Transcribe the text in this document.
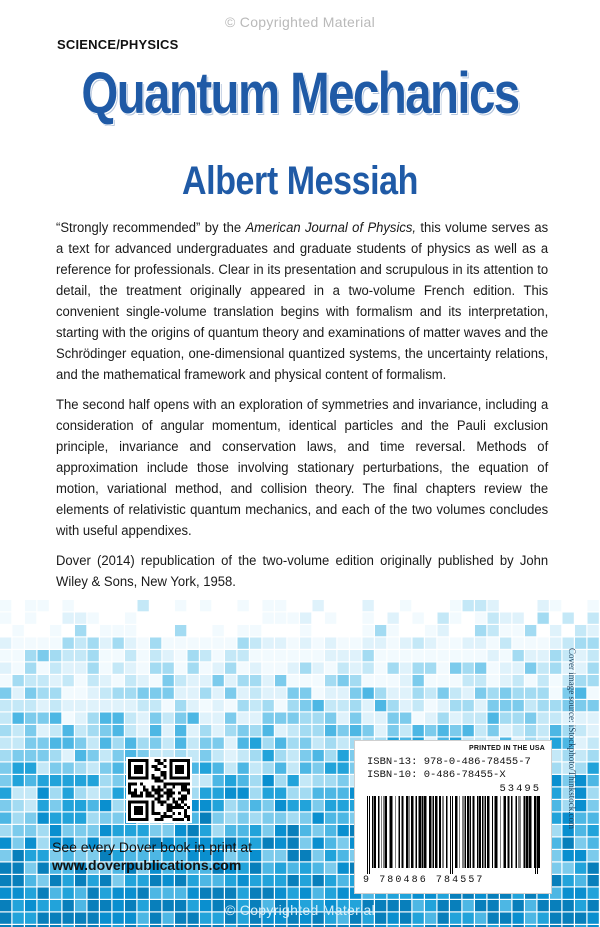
© Copyrighted Material
SCIENCE/PHYSICS
Quantum Mechanics
Albert Messiah

“Strongly recommended” by the American Journal of Physics, this volume serves as a text for advanced undergraduates and graduate students of physics as well as a reference for professionals. Clear in its presentation and scrupulous in its attention to detail, the treatment originally appeared in a two-volume French edition. This convenient single-volume translation begins with formalism and its interpretation, starting with the origins of quantum theory and examinations of matter waves and the Schrödinger equation, one-dimensional quantized systems, the uncertainty relations, and the mathematical framework and physical content of formalism.

The second half opens with an exploration of symmetries and invariance, including a consideration of angular momentum, identical particles and the Pauli exclusion principle, invariance and conservation laws, and time reversal. Methods of approximation include those involving stationary perturbations, the equation of motion, variational method, and collision theory. The final chapters review the elements of relativistic quantum mechanics, and each of the two volumes concludes with useful appendixes.

Dover (2014) republication of the two-volume edition originally published by John Wiley & Sons, New York, 1958.

Cover image source: iStockphoto/Thinkstock.com
See every Dover book in print at
www.doverpublications.com
PRINTED IN THE USA
ISBN-13: 978-0-486-78455-7
ISBN-10: 0-486-78455-X
53495
9 780486 784557
© Copyrighted Material
